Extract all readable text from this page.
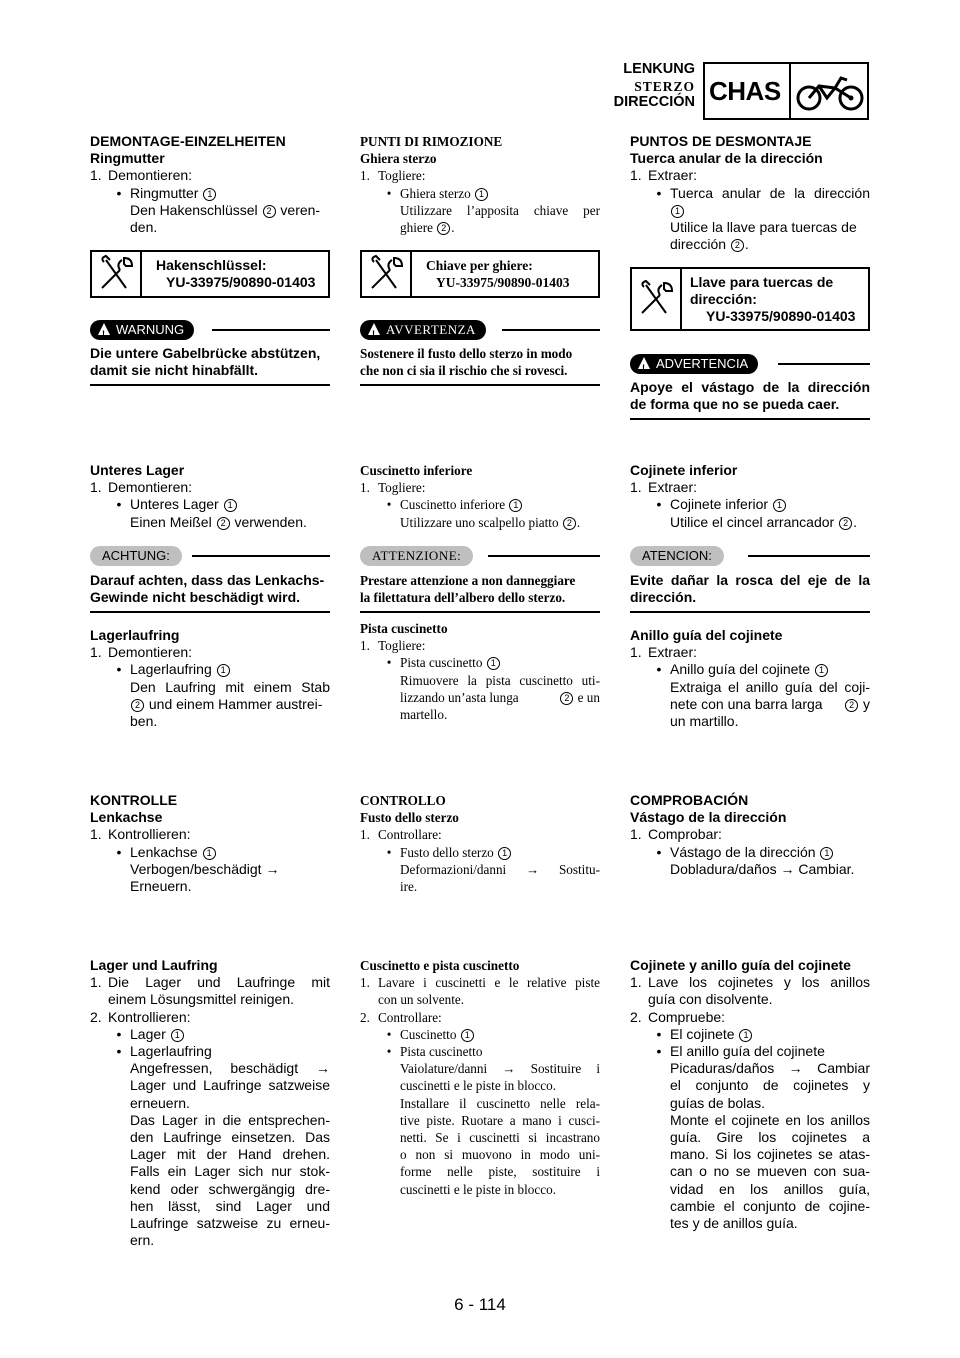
LENKUNG
STERZO
DIRECCIÓN CHAS
DEMONTAGE-EINZELHEITEN
Ringmutter
1. Demontieren:
• Ringmutter 1
Den Hakenschlüssel 2 veren-
den.
Hakenschlüssel:
YU-33975/90890-01403
!
WARNUNG
Die untere Gabelbrücke abstützen,
damit sie nicht hinabfällt.
Unteres Lager
1. Demontieren:
• Unteres Lager 1
Einen Meißel 2 verwenden.
ACHTUNG:
Darauf achten, dass das Lenkachs-
Gewinde nicht beschädigt wird.
Lagerlaufring
1. Demontieren:
• Lagerlaufring 1
Den Laufring mit einem Stab
2 und einem Hammer austrei-
ben.
KONTROLLE
Lenkachse
1. Kontrollieren:
• Lenkachse 1
Verbogen/beschädigt →
Erneuern.
Lager und Laufring
1. Die Lager und Laufringe mit
einem Lösungsmittel reinigen.
2. Kontrollieren:
• Lager 1
• Lagerlaufring
Angefressen, beschädigt →
Lager und Laufringe satzweise
erneuern.
Das Lager in die entsprechen-
den Laufringe einsetzen. Das
Lager mit der Hand drehen.
Falls ein Lager sich nur stok-
kend oder schwergängig dre-
hen lässt, sind Lager und
Laufringe satzweise zu erneu-
ern.
PUNTI DI RIMOZIONE
Ghiera sterzo
1. Togliere:
• Ghiera sterzo 1
Utilizzare l’apposita chiave per
ghiere 2 .
Chiave per ghiere:
YU-33975/90890-01403
!
AVVERTENZA
Sostenere il fusto dello sterzo in modo
che non ci sia il rischio che si rovesci.
Cuscinetto inferiore
1. Togliere:
• Cuscinetto inferiore 1
Utilizzare uno scalpello piatto 2 .
ATTENZIONE:
Prestare attenzione a non danneggiare
la filettatura dell’albero dello sterzo.
Pista cuscinetto
1. Togliere:
• Pista cuscinetto 1
Rimuovere la pista cuscinetto uti-
lizzando un’asta lunga	2 e un
martello.
CONTROLLO
Fusto dello sterzo
1. Controllare:
• Fusto dello sterzo 1
Deformazioni/danni → Sostitu-
ire.
Cuscinetto e pista cuscinetto
1. Lavare i cuscinetti e le relative piste
con un solvente.
2. Controllare:
• Cuscinetto 1
• Pista cuscinetto
Vaiolature/danni → Sostituire i
cuscinetti e le piste in blocco.
Installare il cuscinetto nelle rela-
tive piste. Ruotare a mano i cusci-
netti. Se i cuscinetti si incastrano
o non si muovono in modo uni-
forme nelle piste, sostituire i
cuscinetti e le piste in blocco.
PUNTOS DE DESMONTAJE
Tuerca anular de la dirección
1. Extraer:
• Tuerca anular de la dirección
1
Utilice la llave para tuercas de
dirección 2 .
Llave para tuercas de
dirección:
YU-33975/90890-01403
!
ADVERTENCIA
Apoye el vástago de la dirección
de forma que no se pueda caer.
Cojinete inferior
1. Extraer:
• Cojinete inferior 1
Utilice el cincel arrancador 2 .
ATENCION:
Evite dañar la rosca del eje de la
dirección.
Anillo guía del cojinete
1. Extraer:
• Anillo guía del cojinete 1
Extraiga el anillo guía del coji-
nete con una barra larga	2 y
un martillo.
COMPROBACIÓN
Vástago de la dirección
1. Comprobar:
• Vástago de la dirección 1
Dobladura/daños → Cambiar.
Cojinete y anillo guía del cojinete
1. Lave los cojinetes y los anillos
guía con disolvente.
2. Compruebe:
• El cojinete 1
• El anillo guía del cojinete
Picaduras/daños → Cambiar
el conjunto de cojinetes y
guías de bolas.
Monte el cojinete en los anillos
guía. Gire los cojinetes a
mano. Si los cojinetes se atas-
can o no se mueven con sua-
vidad en los anillos guía,
cambie el conjunto de cojine-
tes y de anillos guía.
6 - 114
